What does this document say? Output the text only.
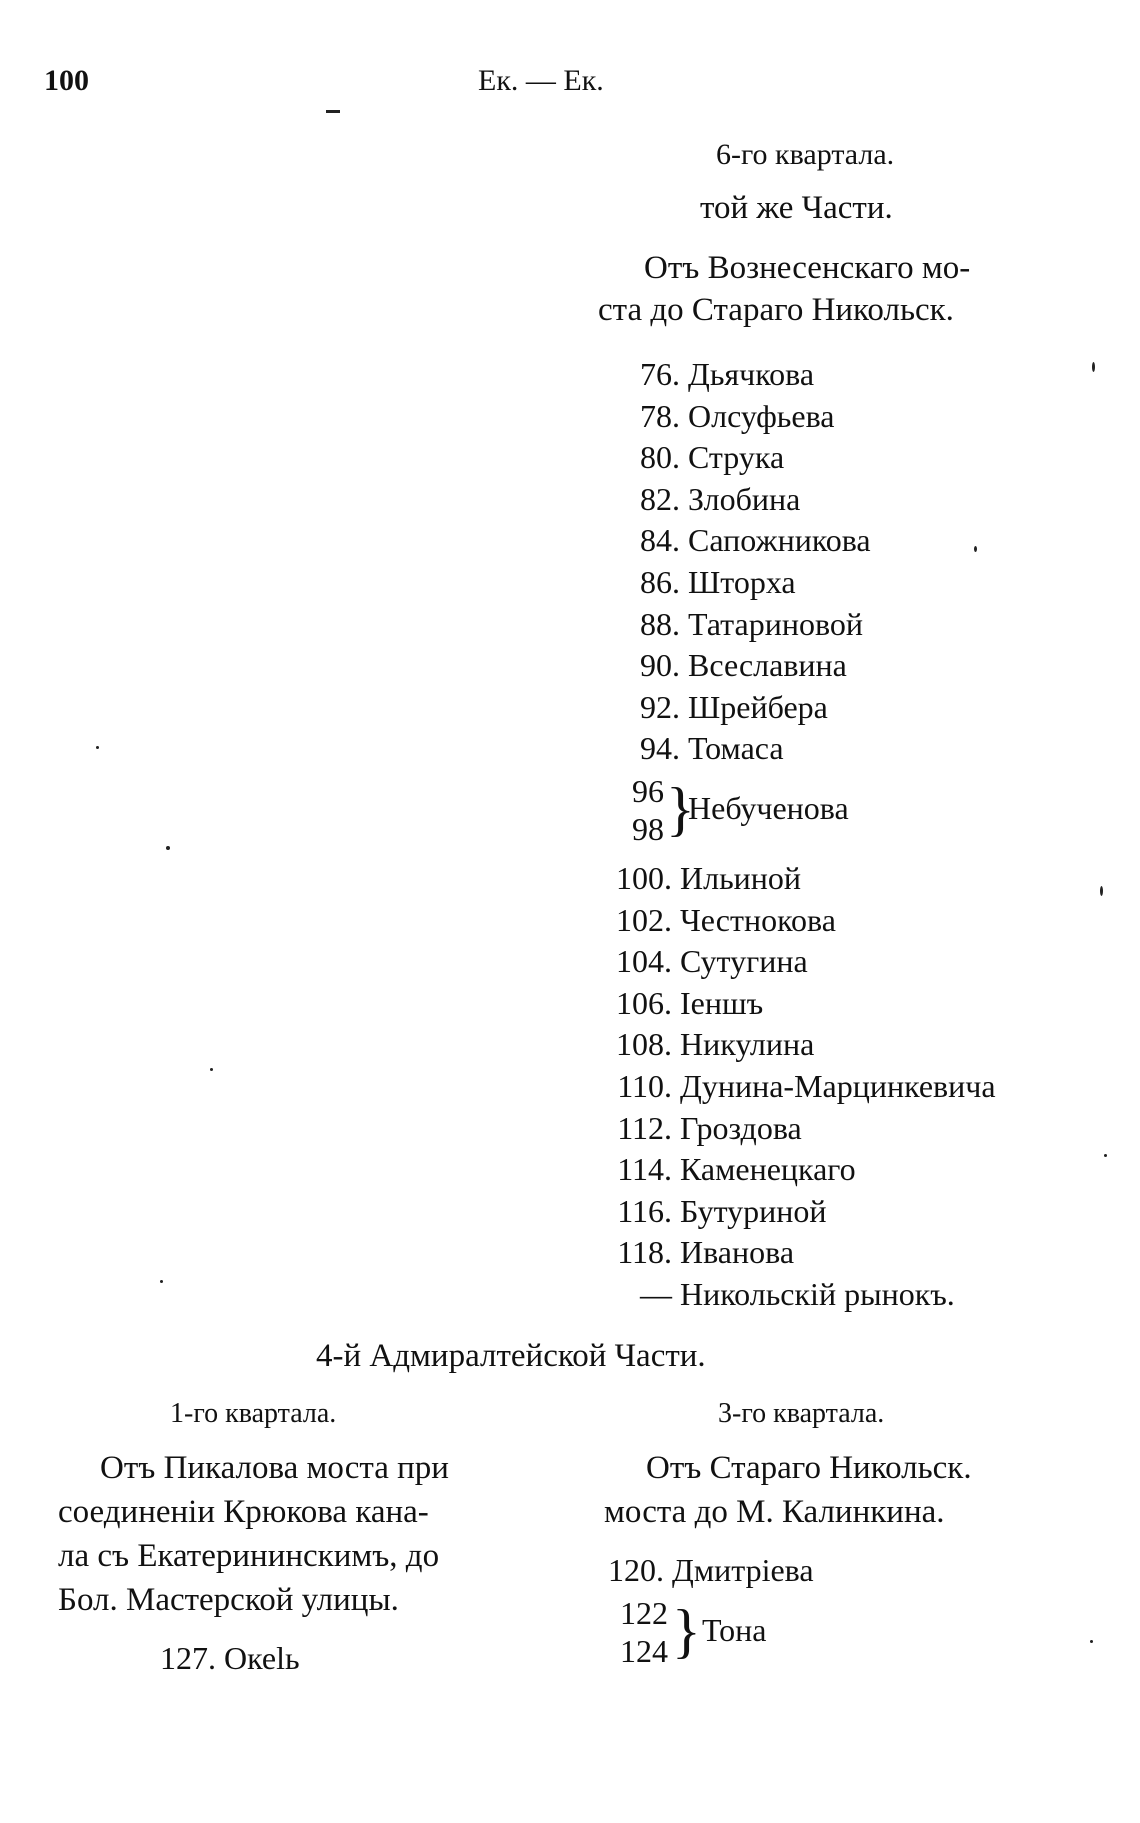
100	Ек. — Ек.
6-го квартала.
той же Части.
Отъ Вознесенскаго мо-
ста до Стараго Никольск.
76. Дьячкова
78. Олсуфьева
80. Струка
82. Злобина
84. Сапожникова
86. Шторха
88. Татариновой
90. Всеславина
92. Шрейбера
94. Томаса
96
98 }
Небученова
100. Ильиной
102. Честнокова
104. Сутугина
106. Іеншъ
108. Никулина
110. Дунина-Марцинкевича
112. Гроздова
114. Каменецкаго
116. Бутуриной
118. Иванова
— Никольскій рынокъ.
4-й Адмиралтейской Части.
1-го квартала.
Отъ Пикалова моста при
соединеніи Крюкова кана-
ла съ Екатерининскимъ, до
Бол. Мастерской улицы.
127. Океlь
3-го квартала.
Отъ Стараго Никольск.
моста до М. Калинкина.
120. Дмитріева
122
124 } Тона
